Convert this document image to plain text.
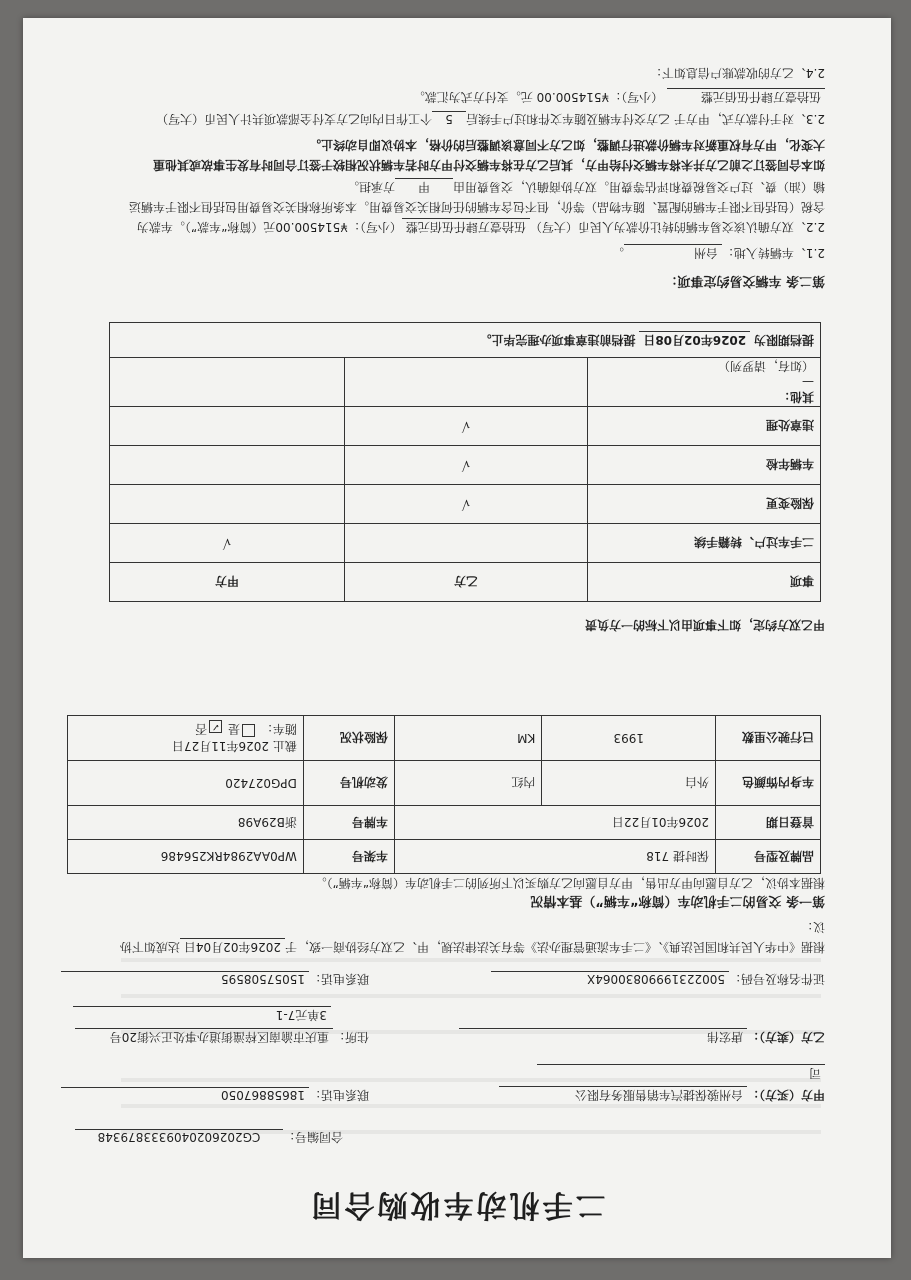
二手机动车收购合同
合同编号：CG2026020409333879348
甲方（买方）：台州骏保捷汽车销售服务有限公
司
联系电话：18658867050
乙方（卖方）：唐宏伟
住所：重庆市渝南区梓潼街道办事处正兴街20号
3单元7-1
证件名称及号码：50022319990830064X
联系电话：15057508595
根据《中华人民共和国民法典》、《二手车流通管理办法》等有关法律法规，甲、乙双方经协商一致，于2026年02月04日达成如下协
议：
第一条 交易的二手机动车（简称“车辆”）基本情况
根据本协议，乙方自愿向甲方出售，甲方自愿向乙方购买以下所列的二手机动车（简称“车辆”）。
品牌及型号	保时捷 718		车架号	WP0AA2984RK256486
首登日期	2026年01月22日		车牌号	浙B29A98
车身内饰颜色	外白	内红	发动机号	DPG027420
已行驶公里数	1993	KM	保险状况	截止 2026年11月27日
随车： 是 ✓否
甲乙双方约定，如下事项由以下标的一方负责
事项	乙方	甲方
二手车过户、转籍手续		√
保险变更	√	
车辆年检	√	
违章处理	√	

其他：
—
（如有，请罗列）		

提档期限为 2026年02月08日 提档前违章事项办理完毕止。		
第二条 车辆交易约定事项：
2.1、车辆转入地：台州。
2.2、双方确认该交易车辆的转让价款为人民币（大写）伍拾壹万肆仟伍佰元整（小写）：¥514500.00元（简称“车款”）。车款为
含税（包括但不限于车辆的配置、随车物品）等价，但不包含车辆的任何相关交易费用。本条所称相关交易费用包括但不限于车辆运
输（油）费、过户交易税费和评估等费用。双方协商确认，交易费用由甲方承担。
如本合同签订之前乙方并未将车辆交付给甲方，其后乙方在将车辆交付甲方时若车辆状况相较于签订合同时有发生事故或其他重
大变化，甲方有权重新对车辆价款进行调整，如乙方不同意该调整后的价格，本协议即自动终止。
2.3、对于付款方式，甲方于 乙方交付车辆及随车文件和过户手续后5个工作日内向乙方支付全部款项共计人民币（大写）
伍拾壹万肆仟伍佰元整 （小写）：¥514500.00 元。支付方式为汇款。
2.4、乙方的收款账户信息如下：
